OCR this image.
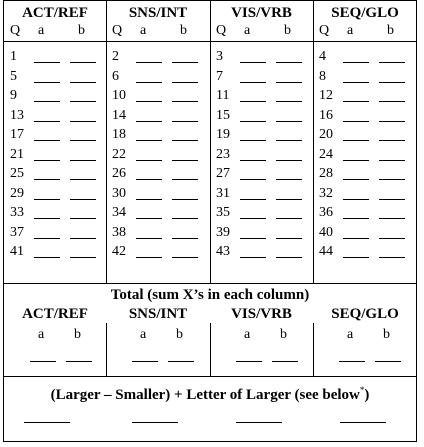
ACT/REF
Q a b
1
5
9
13
17
21
25
29
33
37
41
SNS/INT
Q a b
2
6
10
14
18
22
26
30
34
38
42
VIS/VRB
Q a b
3
7
11
15
19
23
27
31
35
39
43
SEQ/GLO
Q a b
4
8
12
16
20
24
28
32
36
40
44
Total (sum X’s in each column)
ACT/REF
a b
SNS/INT
a b
VIS/VRB
a b
SEQ/GLO
a b
(Larger – Smaller) + Letter of Larger (see below*)
